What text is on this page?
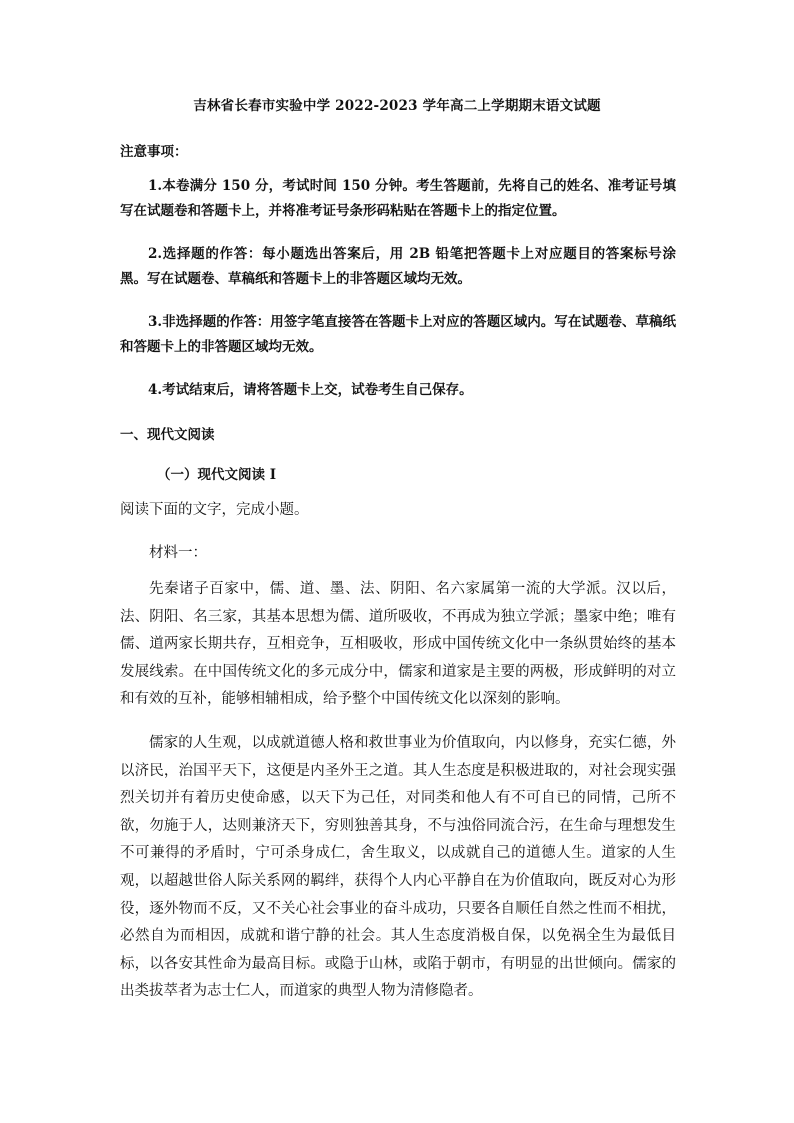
吉林省长春市实验中学 2022-2023 学年高二上学期期末语文试题
注意事项：

1.本卷满分 150 分，考试时间 150 分钟。考生答题前，先将自己的姓名、准考证号填写在试题卷和答题卡上，并将准考证号条形码粘贴在答题卡上的指定位置。

2.选择题的作答：每小题选出答案后，用 2B 铅笔把答题卡上对应题目的答案标号涂黑。写在试题卷、草稿纸和答题卡上的非答题区域均无效。

3.非选择题的作答：用签字笔直接答在答题卡上对应的答题区域内。写在试题卷、草稿纸和答题卡上的非答题区域均无效。

4.考试结束后，请将答题卡上交，试卷考生自己保存。

一、现代文阅读
（一）现代文阅读 I

阅读下面的文字，完成小题。

材料一：

先秦诸子百家中，儒、道、墨、法、阴阳、名六家属第一流的大学派。汉以后，法、阴阳、名三家，其基本思想为儒、道所吸收，不再成为独立学派；墨家中绝；唯有儒、道两家长期共存，互相竞争，互相吸收，形成中国传统文化中一条纵贯始终的基本发展线索。在中国传统文化的多元成分中，儒家和道家是主要的两极，形成鲜明的对立和有效的互补，能够相辅相成，给予整个中国传统文化以深刻的影响。

儒家的人生观，以成就道德人格和救世事业为价值取向，内以修身，充实仁德，外以济民，治国平天下，这便是内圣外王之道。其人生态度是积极进取的，对社会现实强烈关切并有着历史使命感，以天下为己任，对同类和他人有不可自已的同情，己所不欲，勿施于人，达则兼济天下，穷则独善其身，不与浊俗同流合污，在生命与理想发生不可兼得的矛盾时，宁可杀身成仁，舍生取义，以成就自己的道德人生。道家的人生观，以超越世俗人际关系网的羁绊，获得个人内心平静自在为价值取向，既反对心为形役，逐外物而不反，又不关心社会事业的奋斗成功，只要各自顺任自然之性而不相扰，必然自为而相因，成就和谐宁静的社会。其人生态度消极自保，以免祸全生为最低目标，以各安其性命为最高目标。或隐于山林，或陷于朝市，有明显的出世倾向。儒家的出类拔萃者为志士仁人，而道家的典型人物为清修隐者。
